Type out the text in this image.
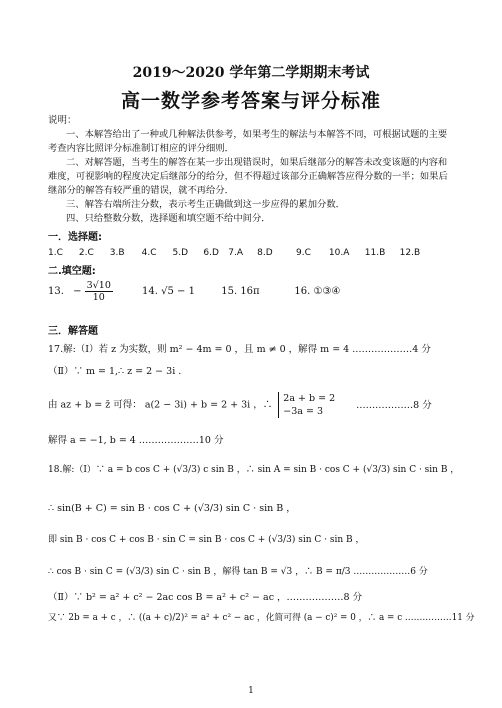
2019～2020 学年第二学期期末考试
高一数学参考答案与评分标准
说明：
一、本解答给出了一种或几种解法供参考，如果考生的解法与本解答不同，可根据试题的主要考查内容比照评分标准制订相应的评分细则．
二、对解答题，当考生的解答在某一步出现错误时，如果后继部分的解答未改变该题的内容和难度，可视影响的程度决定后继部分的给分，但不得超过该部分正确解答应得分数的一半；如果后继部分的解答有较严重的错误，就不再给分．
三、解答右端所注分数，表示考生正确做到这一步应得的累加分数．
四、只给整数分数，选择题和填空题不给中间分．
一．选择题:
1.C 2.C 3.B 4.C 5.D 6.D 7.A 8.D	9.C 10.A 11.B 12.B
二.填空题:
13. − $\frac{3√10}{10}$	14. √5 − 1	15. 16π	16. ①③④
三．解答题
17.解:（Ⅰ）若 z 为实数，则 m² − 4m = 0 ，且 m ≠ 0 ，解得 m = 4 .………………4 分
（Ⅱ）∵ m = 1,∴ z = 2 − 3i .
由 az + b = z̄ 可得： a(2 − 3i) + b = 2 + 3i ，∴
2a + b = 2
−3a = 3
………………8 分
解得 a = −1, b = 4 .………………10 分
18.解:（Ⅰ）∵ a = b cos C + (√3/3) c sin B ，∴ sin A = sin B · cos C + (√3/3) sin C · sin B ，
∴ sin(B + C) = sin B · cos C + (√3/3) sin C · sin B ，
即 sin B · cos C + cos B · sin C = sin B · cos C + (√3/3) sin C · sin B ，
∴ cos B · sin C = (√3/3) sin C · sin B ，解得 tan B = √3 ，∴ B = π/3 .………………6 分
（Ⅱ）∵ b² = a² + c² − 2ac cos B = a² + c² − ac ，………………8 分
又∵ 2b = a + c ，∴ ((a + c)/2)² = a² + c² − ac ，化简可得 (a − c)² = 0 ，∴ a = c .……………11 分
1
